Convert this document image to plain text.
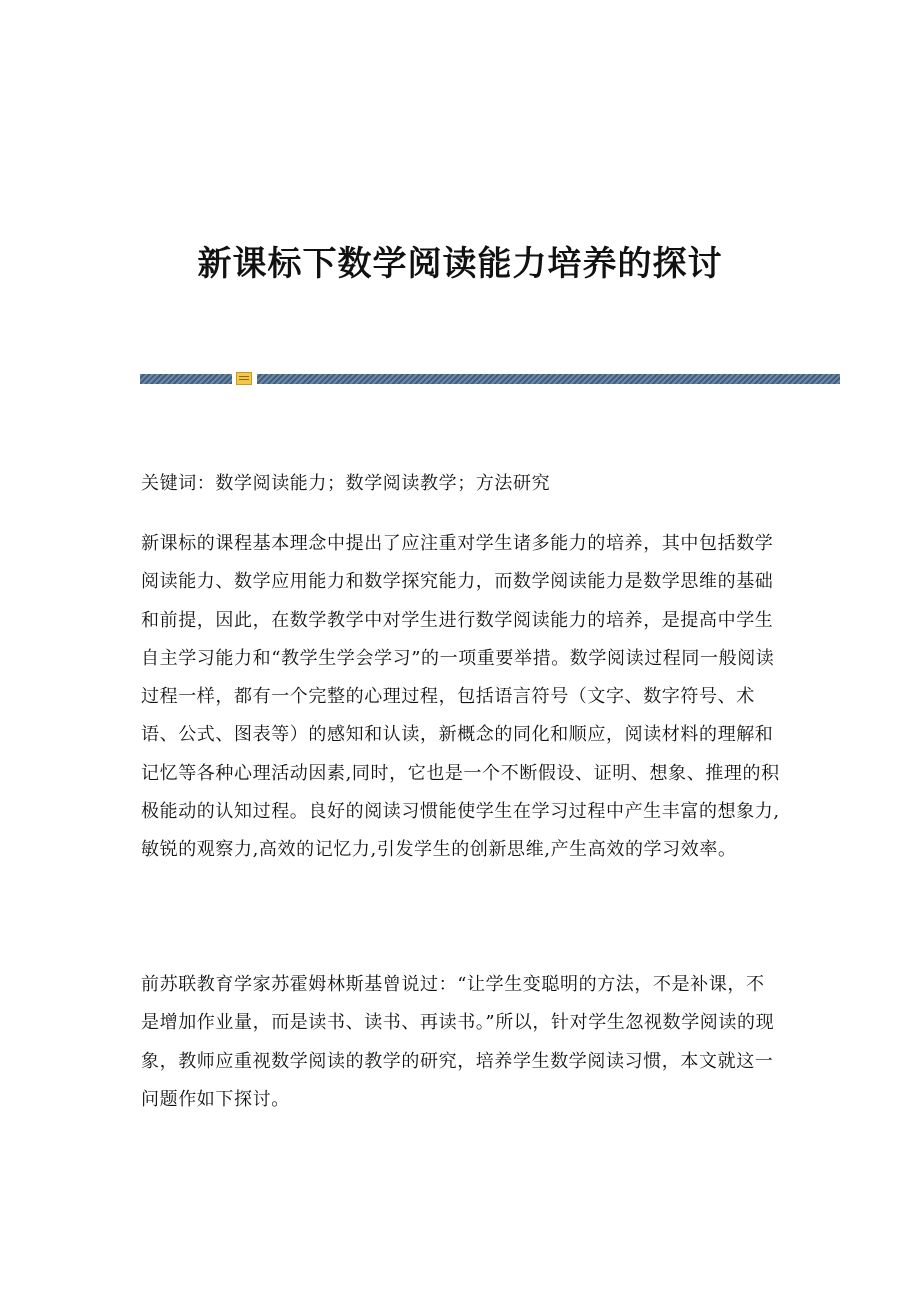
新课标下数学阅读能力培养的探讨
关键词：数学阅读能力；数学阅读教学；方法研究

新课标的课程基本理念中提出了应注重对学生诸多能力的培养，其中包括数学阅读能力、数学应用能力和数学探究能力，而数学阅读能力是数学思维的基础和前提，因此，在数学教学中对学生进行数学阅读能力的培养，是提高中学生自主学习能力和“教学生学会学习”的一项重要举措。数学阅读过程同一般阅读过程一样，都有一个完整的心理过程，包括语言符号（文字、数字符号、术语、公式、图表等）的感知和认读，新概念的同化和顺应，阅读材料的理解和记忆等各种心理活动因素,同时，它也是一个不断假设、证明、想象、推理的积极能动的认知过程。良好的阅读习惯能使学生在学习过程中产生丰富的想象力,敏锐的观察力,高效的记忆力,引发学生的创新思维,产生高效的学习效率。

前苏联教育学家苏霍姆林斯基曾说过：“让学生变聪明的方法，不是补课，不是增加作业量，而是读书、读书、再读书。”所以，针对学生忽视数学阅读的现象，教师应重视数学阅读的教学的研究，培养学生数学阅读习惯，本文就这一问题作如下探讨。
